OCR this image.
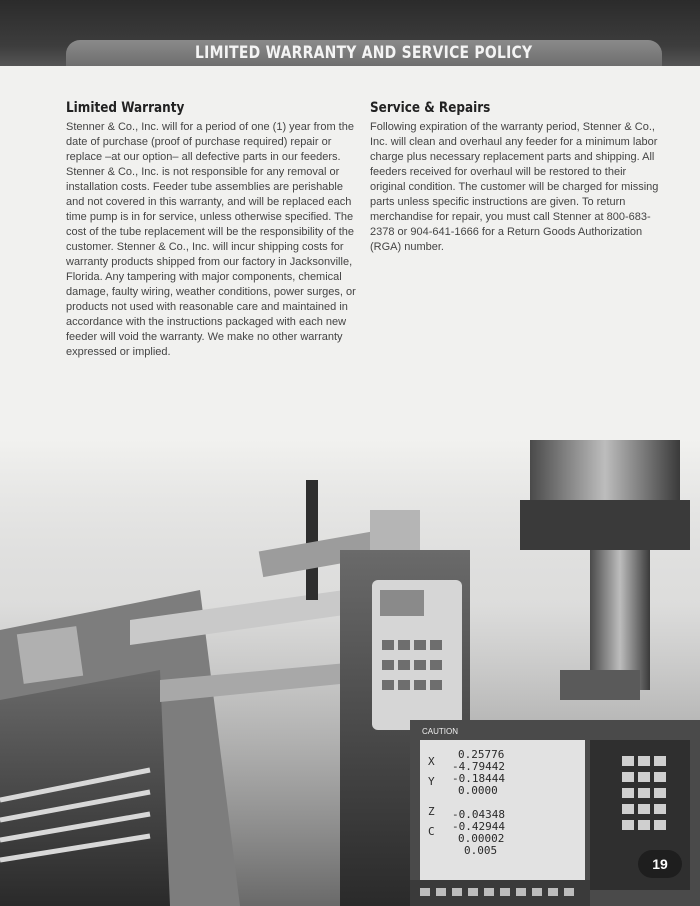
LIMITED WARRANTY AND SERVICE POLICY
Limited Warranty

Stenner & Co., Inc. will for a period of one (1) year from the date of purchase (proof of purchase required) repair or replace –at our option– all defective parts in our feeders. Stenner & Co., Inc. is not responsible for any removal or installation costs. Feeder tube assemblies are perishable and not covered in this warranty, and will be replaced each time pump is in for service, unless otherwise specified. The cost of the tube replacement will be the responsibility of the customer. Stenner & Co., Inc. will incur shipping costs for warranty products shipped from our factory in Jacksonville, Florida. Any tampering with major components, chemical damage, faulty wiring, weather conditions, power surges, or products not used with reasonable care and maintained in accordance with the instructions packaged with each new feeder will void the warranty. We make no other warranty expressed or implied.

Service & Repairs

Following expiration of the warranty period, Stenner & Co., Inc. will clean and overhaul any feeder for a minimum labor charge plus necessary replacement parts and shipping. All feeders received for overhaul will be restored to their original condition. The customer will be charged for missing parts unless specific instructions are given. To return merchandise for repair, you must call Stenner at 800-683-2378 or 904-641-1666 for a Return Goods Authorization (RGA) number.

X
Y
Z
C
0.25776
-4.79442
-0.18444
0.0000
-0.04348
-0.42944
0.00002
0.005
CAUTION
19
